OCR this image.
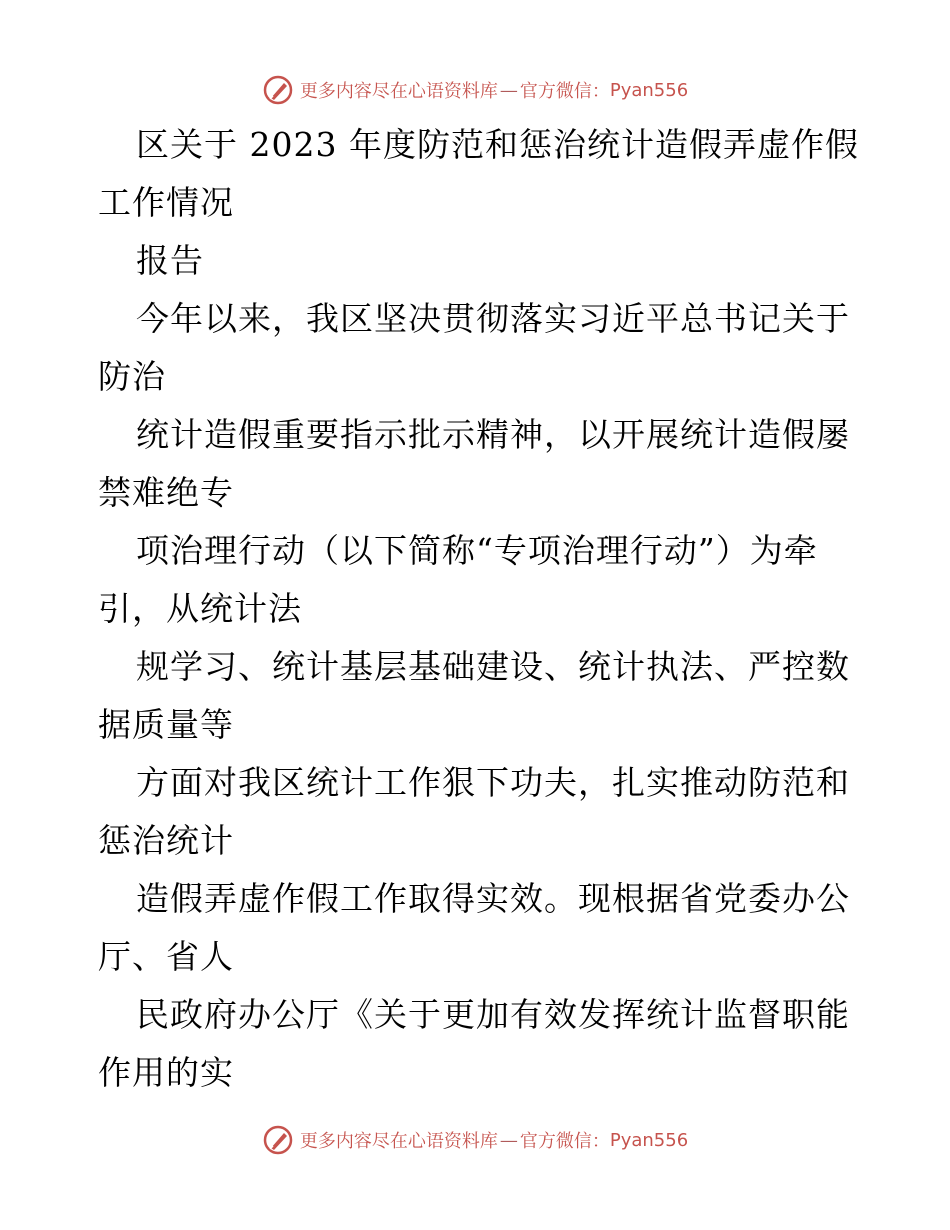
更多内容尽在心语资料库 — 官方微信： Pyan556
区关于 2023 年度防范和惩治统计造假弄虚作假
工作情况
报告
今年以来，我区坚决贯彻落实习近平总书记关于
防治
统计造假重要指示批示精神，以开展统计造假屡
禁难绝专
项治理行动（以下简称“专项治理行动”）为牵
引，从统计法
规学习、统计基层基础建设、统计执法、严控数
据质量等
方面对我区统计工作狠下功夫，扎实推动防范和
惩治统计
造假弄虚作假工作取得实效。现根据省党委办公
厅、省人
民政府办公厅《关于更加有效发挥统计监督职能
作用的实
更多内容尽在心语资料库 — 官方微信： Pyan556
